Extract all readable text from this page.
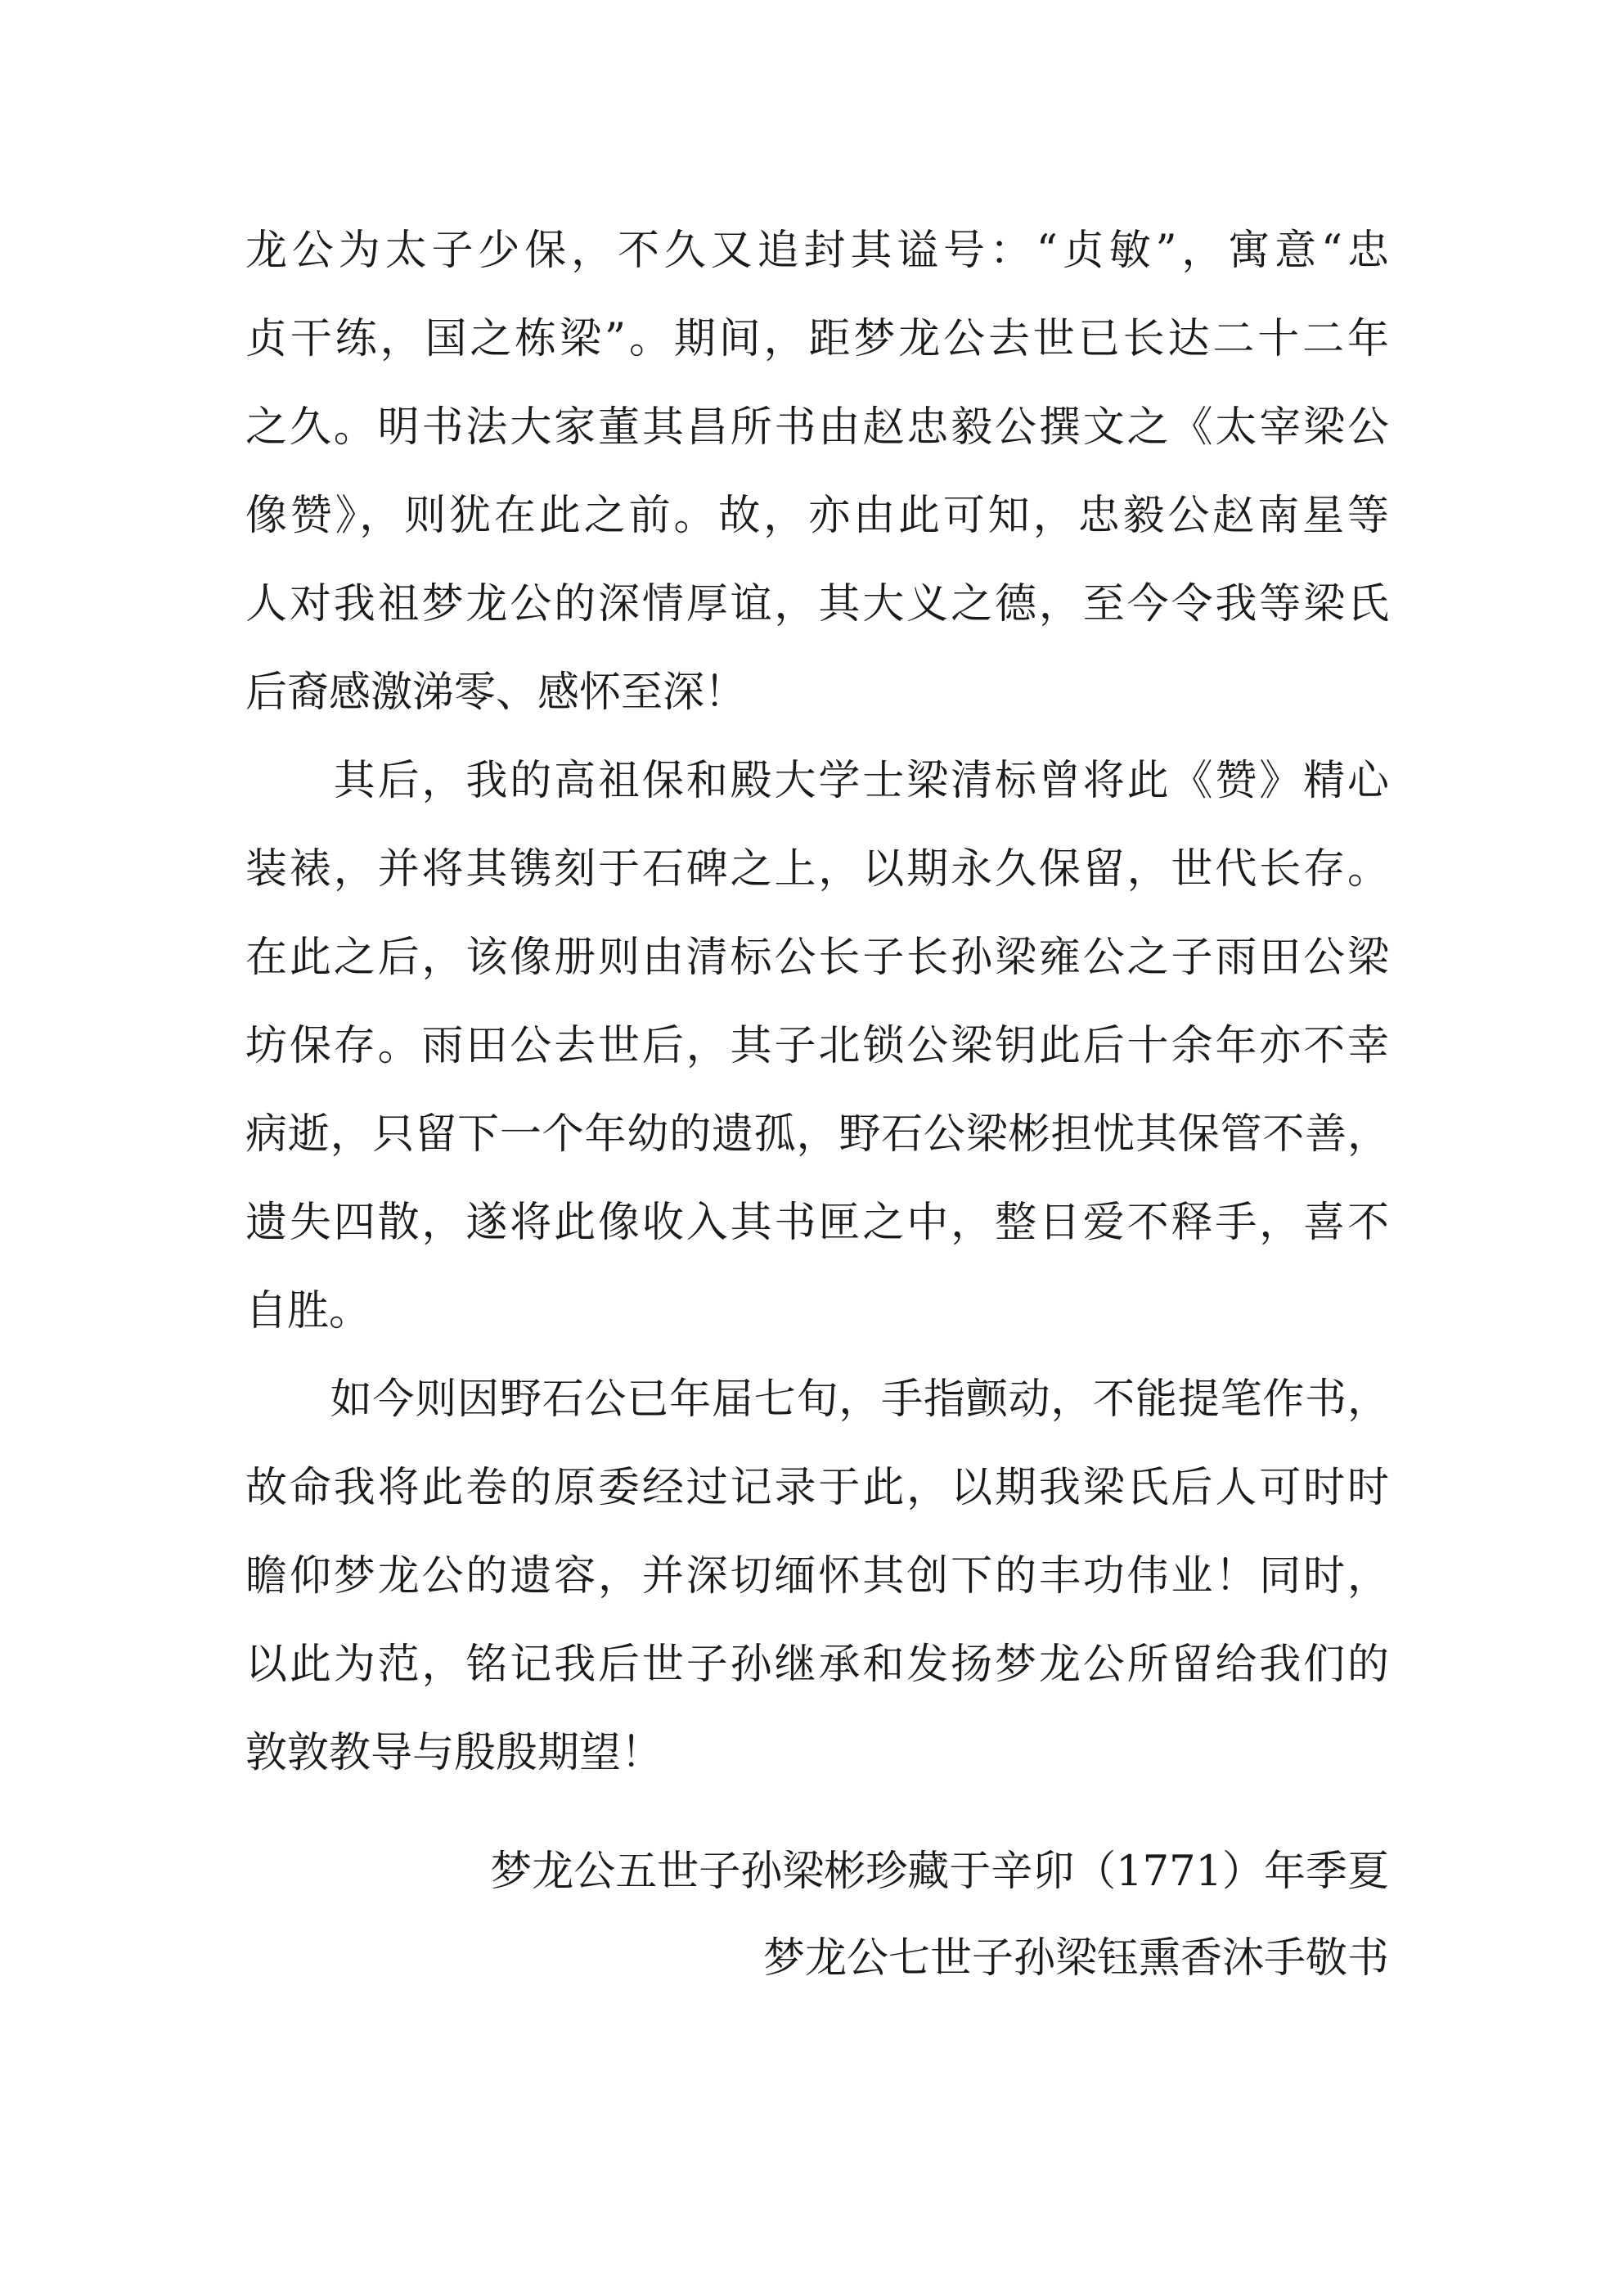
龙公为太子少保，不久又追封其谥号：“贞敏”，寓意“忠
贞干练，国之栋梁”。期间，距梦龙公去世已长达二十二年
之久。明书法大家董其昌所书由赵忠毅公撰文之《太宰梁公
像赞》，则犹在此之前。故，亦由此可知，忠毅公赵南星等
人对我祖梦龙公的深情厚谊，其大义之德，至今令我等梁氏
后裔感激涕零、感怀至深！
　　其后，我的高祖保和殿大学士梁清标曾将此《赞》精心
装裱，并将其镌刻于石碑之上，以期永久保留，世代长存。
在此之后，该像册则由清标公长子长孙梁雍公之子雨田公梁
坊保存。雨田公去世后，其子北锁公梁钥此后十余年亦不幸
病逝，只留下一个年幼的遗孤，野石公梁彬担忧其保管不善，
遗失四散，遂将此像收入其书匣之中，整日爱不释手，喜不
自胜。
　　如今则因野石公已年届七旬，手指颤动，不能提笔作书，
故命我将此卷的原委经过记录于此，以期我梁氏后人可时时
瞻仰梦龙公的遗容，并深切缅怀其创下的丰功伟业！同时，
以此为范，铭记我后世子孙继承和发扬梦龙公所留给我们的
敦敦教导与殷殷期望！
梦龙公五世子孙梁彬珍藏于辛卯（1771）年季夏
梦龙公七世子孙梁钰熏香沐手敬书
